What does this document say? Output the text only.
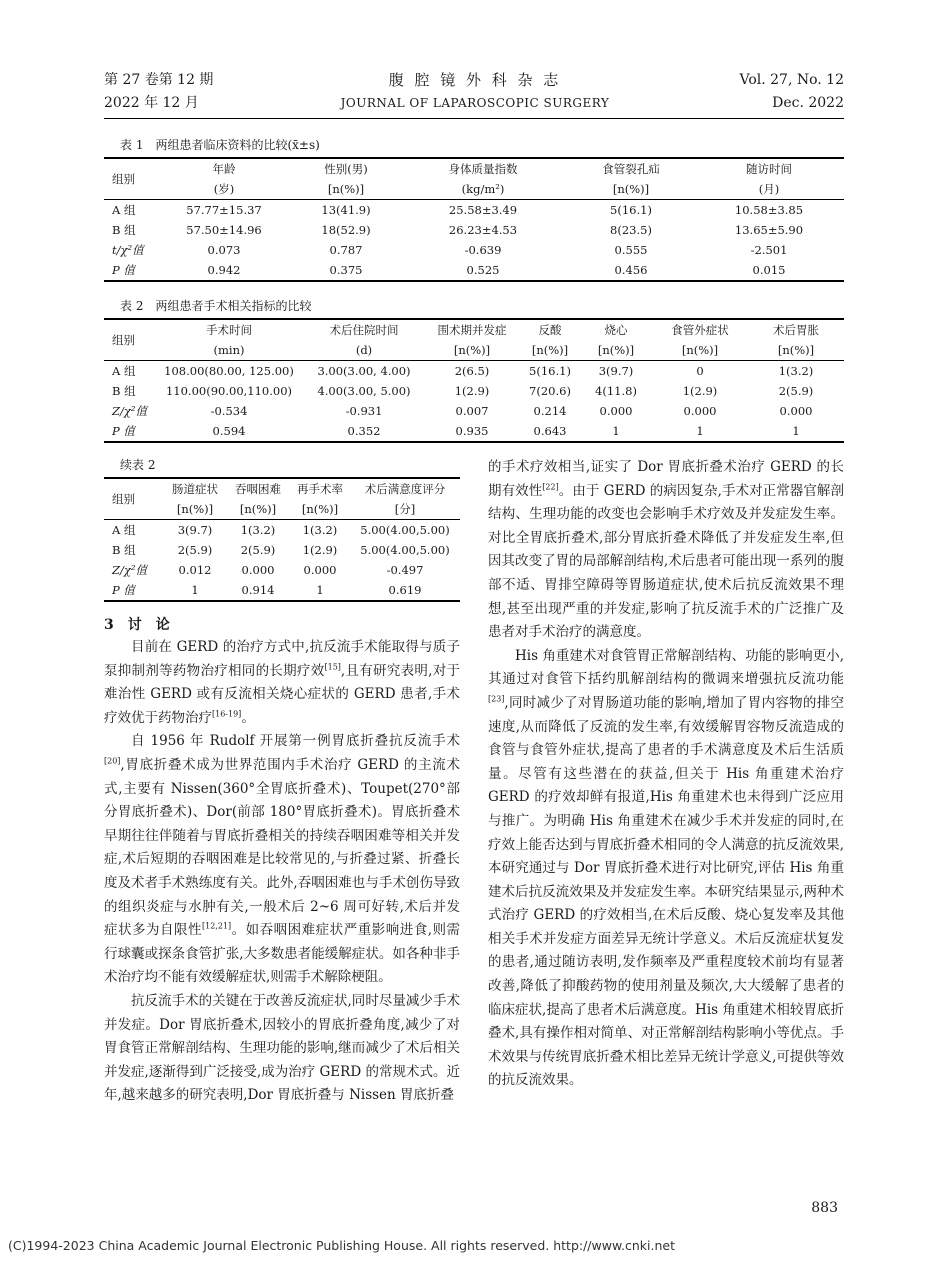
第 27 卷第 12 期
2022 年 12 月
腹 腔 镜 外 科 杂 志
JOURNAL OF LAPAROSCOPIC SURGERY
Vol. 27, No. 12
Dec. 2022
表 1　两组患者临床资料的比较(x̄±s)
组别	年龄	性别(男)	身体质量指数	食管裂孔疝	随访时间
	(岁)	[n(%)]	(kg/m²)	[n(%)]	(月)
A 组	57.77±15.37	13(41.9)	25.58±3.49	5(16.1)	10.58±3.85
B 组	57.50±14.96	18(52.9)	26.23±4.53	8(23.5)	13.65±5.90
t/χ²值	0.073	0.787	-0.639	0.555	-2.501
P 值	0.942	0.375	0.525	0.456	0.015
表 2　两组患者手术相关指标的比较
组别	手术时间	术后住院时间	围术期并发症	反酸	烧心	食管外症状	术后胃胀
	(min)	(d)	[n(%)]	[n(%)]	[n(%)]	[n(%)]	[n(%)]
A 组	108.00(80.00, 125.00)	3.00(3.00, 4.00)	2(6.5)	5(16.1)	3(9.7)	0	1(3.2)
B 组	110.00(90.00,110.00)	4.00(3.00, 5.00)	1(2.9)	7(20.6)	4(11.8)	1(2.9)	2(5.9)
Z/χ²值	-0.534	-0.931	0.007	0.214	0.000	0.000	0.000
P 值	0.594	0.352	0.935	0.643	1	1	1
续表 2
组别	肠道症状	吞咽困难	再手术率	术后满意度评分
	[n(%)]	[n(%)]	[n(%)]	[分]
A 组	3(9.7)	1(3.2)	1(3.2)	5.00(4.00,5.00)
B 组	2(5.9)	2(5.9)	1(2.9)	5.00(4.00,5.00)
Z/χ²值	0.012	0.000	0.000	-0.497
P 值	1	0.914	1	0.619

3　讨　论

目前在 GERD 的治疗方式中,抗反流手术能取得与质子泵抑制剂等药物治疗相同的长期疗效[15],且有研究表明,对于难治性 GERD 或有反流相关烧心症状的 GERD 患者,手术疗效优于药物治疗[16-19]。

自 1956 年 Rudolf 开展第一例胃底折叠抗反流手术[20],胃底折叠术成为世界范围内手术治疗 GERD 的主流术式,主要有 Nissen(360°全胃底折叠术)、Toupet(270°部分胃底折叠术)、Dor(前部 180°胃底折叠术)。胃底折叠术早期往往伴随着与胃底折叠相关的持续吞咽困难等相关并发症,术后短期的吞咽困难是比较常见的,与折叠过紧、折叠长度及术者手术熟练度有关。此外,吞咽困难也与手术创伤导致的组织炎症与水肿有关,一般术后 2~6 周可好转,术后并发症状多为自限性[12,21]。如吞咽困难症状严重影响进食,则需行球囊或探条食管扩张,大多数患者能缓解症状。如各种非手术治疗均不能有效缓解症状,则需手术解除梗阻。

抗反流手术的关键在于改善反流症状,同时尽量减少手术并发症。Dor 胃底折叠术,因较小的胃底折叠角度,减少了对胃食管正常解剖结构、生理功能的影响,继而减少了术后相关并发症,逐渐得到广泛接受,成为治疗 GERD 的常规术式。近年,越来越多的研究表明,Dor 胃底折叠与 Nissen 胃底折叠

的手术疗效相当,证实了 Dor 胃底折叠术治疗 GERD 的长期有效性[22]。由于 GERD 的病因复杂,手术对正常器官解剖结构、生理功能的改变也会影响手术疗效及并发症发生率。对比全胃底折叠术,部分胃底折叠术降低了并发症发生率,但因其改变了胃的局部解剖结构,术后患者可能出现一系列的腹部不适、胃排空障碍等胃肠道症状,使术后抗反流效果不理想,甚至出现严重的并发症,影响了抗反流手术的广泛推广及患者对手术治疗的满意度。

His 角重建术对食管胃正常解剖结构、功能的影响更小,其通过对食管下括约肌解剖结构的微调来增强抗反流功能[23],同时减少了对胃肠道功能的影响,增加了胃内容物的排空速度,从而降低了反流的发生率,有效缓解胃容物反流造成的食管与食管外症状,提高了患者的手术满意度及术后生活质量。尽管有这些潜在的获益,但关于 His 角重建术治疗 GERD 的疗效却鲜有报道,His 角重建术也未得到广泛应用与推广。为明确 His 角重建术在减少手术并发症的同时,在疗效上能否达到与胃底折叠术相同的令人满意的抗反流效果,本研究通过与 Dor 胃底折叠术进行对比研究,评估 His 角重建术后抗反流效果及并发症发生率。本研究结果显示,两种术式治疗 GERD 的疗效相当,在术后反酸、烧心复发率及其他相关手术并发症方面差异无统计学意义。术后反流症状复发的患者,通过随访表明,发作频率及严重程度较术前均有显著改善,降低了抑酸药物的使用剂量及频次,大大缓解了患者的临床症状,提高了患者术后满意度。His 角重建术相较胃底折叠术,具有操作相对简单、对正常解剖结构影响小等优点。手术效果与传统胃底折叠术相比差异无统计学意义,可提供等效的抗反流效果。

883
(C)1994-2023 China Academic Journal Electronic Publishing House. All rights reserved. http://www.cnki.net
